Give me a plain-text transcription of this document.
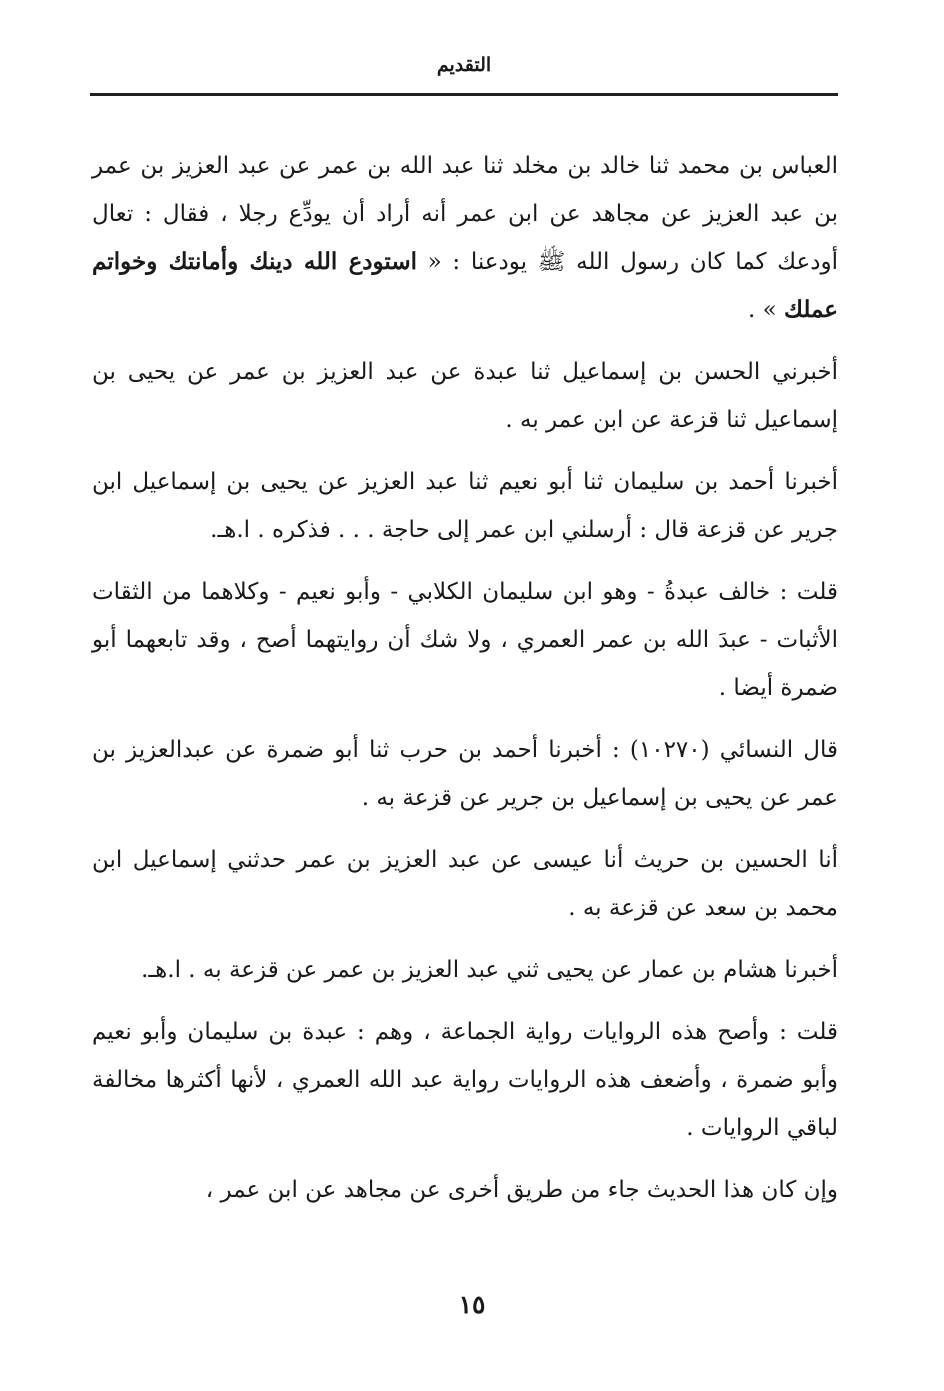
التقديم

العباس بن محمد ثنا خالد بن مخلد ثنا عبد الله بن عمر عن عبد العزيز بن عمر بن عبد العزيز عن مجاهد عن ابن عمر أنه أراد أن يودِّع رجلا ، فقال : تعال أودعك كما كان رسول الله ﷺ يودعنا : « استودع الله دينك وأمانتك وخواتم عملك » .

أخبرني الحسن بن إسماعيل ثنا عبدة عن عبد العزيز بن عمر عن يحيى بن إسماعيل ثنا قزعة عن ابن عمر به .

أخبرنا أحمد بن سليمان ثنا أبو نعيم ثنا عبد العزيز عن يحيى بن إسماعيل ابن جرير عن قزعة قال : أرسلني ابن عمر إلى حاجة . . . فذكره . ا.هـ.

قلت : خالف عبدةُ - وهو ابن سليمان الكلابي - وأبو نعيم - وكلاهما من الثقات الأثبات - عبدَ الله بن عمر العمري ، ولا شك أن روايتهما أصح ، وقد تابعهما أبو ضمرة أيضا .

قال النسائي (١٠٢٧٠) : أخبرنا أحمد بن حرب ثنا أبو ضمرة عن عبدالعزيز بن عمر عن يحيى بن إسماعيل بن جرير عن قزعة به .

أنا الحسين بن حريث أنا عيسى عن عبد العزيز بن عمر حدثني إسماعيل ابن محمد بن سعد عن قزعة به .

أخبرنا هشام بن عمار عن يحيى ثني عبد العزيز بن عمر عن قزعة به . ا.هـ.

قلت : وأصح هذه الروايات رواية الجماعة ، وهم : عبدة بن سليمان وأبو نعيم وأبو ضمرة ، وأضعف هذه الروايات رواية عبد الله العمري ، لأنها أكثرها مخالفة لباقي الروايات .

وإن كان هذا الحديث جاء من طريق أخرى عن مجاهد عن ابن عمر ،

١٥
